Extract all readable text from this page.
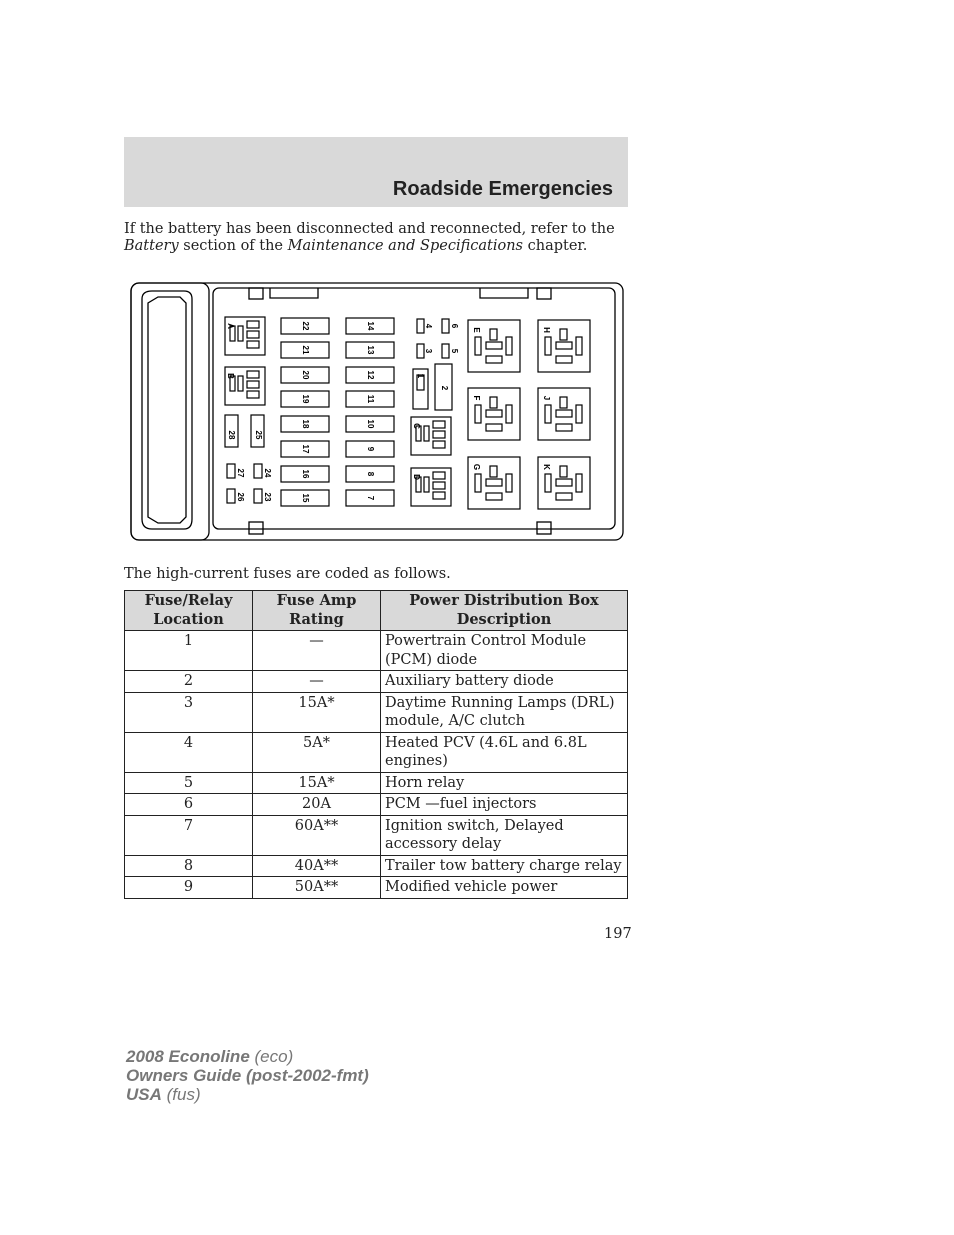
Roadside Emergencies
If the battery has been disconnected and reconnected, refer to the Battery section of the Maintenance and Specifications chapter.
22
21
20
19
18
17
16
15
14
13
12
11
10
9
8
7
4
3
6
5
1
2
28 25
27 24
26 23
A
B
C
D
E
F
G
H
J
K
The high-current fuses are coded as follows.
Fuse/Relay Location	Fuse Amp Rating	Power Distribution Box Description
1	—	Powertrain Control Module (PCM) diode
2	—	Auxiliary battery diode
3	15A*	Daytime Running Lamps (DRL) module, A/C clutch
4	5A*	Heated PCV (4.6L and 6.8L engines)
5	15A*	Horn relay
6	20A	PCM —fuel injectors
7	60A**	Ignition switch, Delayed accessory delay
8	40A**	Trailer tow battery charge relay
9	50A**	Modified vehicle power
197
2008 Econoline (eco)
Owners Guide (post-2002-fmt)
USA (fus)
